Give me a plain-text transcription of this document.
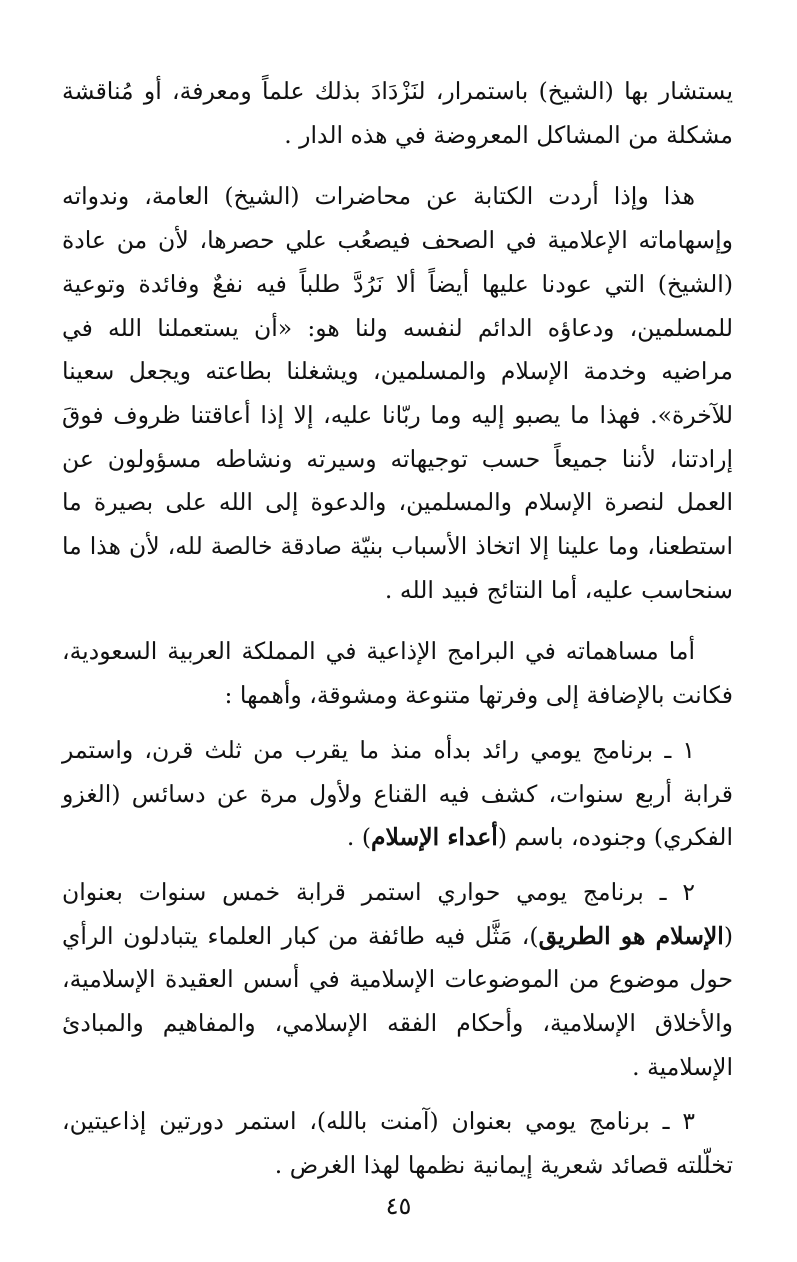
يستشار بها (الشيخ) باستمرار، لنَزْدَادَ بذلك علماً ومعرفة، أو مُناقشة مشكلة من المشاكل المعروضة في هذه الدار .

هذا وإذا أردت الكتابة عن محاضرات (الشيخ) العامة، وندواته وإسهاماته الإعلامية في الصحف فيصعُب علي حصرها، لأن من عادة (الشيخ) التي عودنا عليها أيضاً ألا نَرُدَّ طلباً فيه نفعٌ وفائدة وتوعية للمسلمين، ودعاؤه الدائم لنفسه ولنا هو: «أن يستعملنا الله في مراضيه وخدمة الإسلام والمسلمين، ويشغلنا بطاعته ويجعل سعينا للآخرة». فهذا ما يصبو إليه وما ربّانا عليه، إلا إذا أعاقتنا ظروف فوقَ إرادتنا، لأننا جميعاً حسب توجيهاته وسيرته ونشاطه مسؤولون عن العمل لنصرة الإسلام والمسلمين، والدعوة إلى الله على بصيرة ما استطعنا، وما علينا إلا اتخاذ الأسباب بنيّة صادقة خالصة لله، لأن هذا ما سنحاسب عليه، أما النتائج فبيد الله .

أما مساهماته في البرامج الإذاعية في المملكة العربية السعودية، فكانت بالإضافة إلى وفرتها متنوعة ومشوقة، وأهمها :

١ ـ برنامج يومي رائد بدأه منذ ما يقرب من ثلث قرن، واستمر قرابة أربع سنوات، كشف فيه القناع ولأول مرة عن دسائس (الغزو الفكري) وجنوده، باسم (أعداء الإسلام) .

٢ ـ برنامج يومي حواري استمر قرابة خمس سنوات بعنوان (الإسلام هو الطريق)، مَثَّل فيه طائفة من كبار العلماء يتبادلون الرأي حول موضوع من الموضوعات الإسلامية في أسس العقيدة الإسلامية، والأخلاق الإسلامية، وأحكام الفقه الإسلامي، والمفاهيم والمبادئ الإسلامية .

٣ ـ برنامج يومي بعنوان (آمنت بالله)، استمر دورتين إذاعيتين، تخلّلته قصائد شعرية إيمانية نظمها لهذا الغرض .

٤٥
